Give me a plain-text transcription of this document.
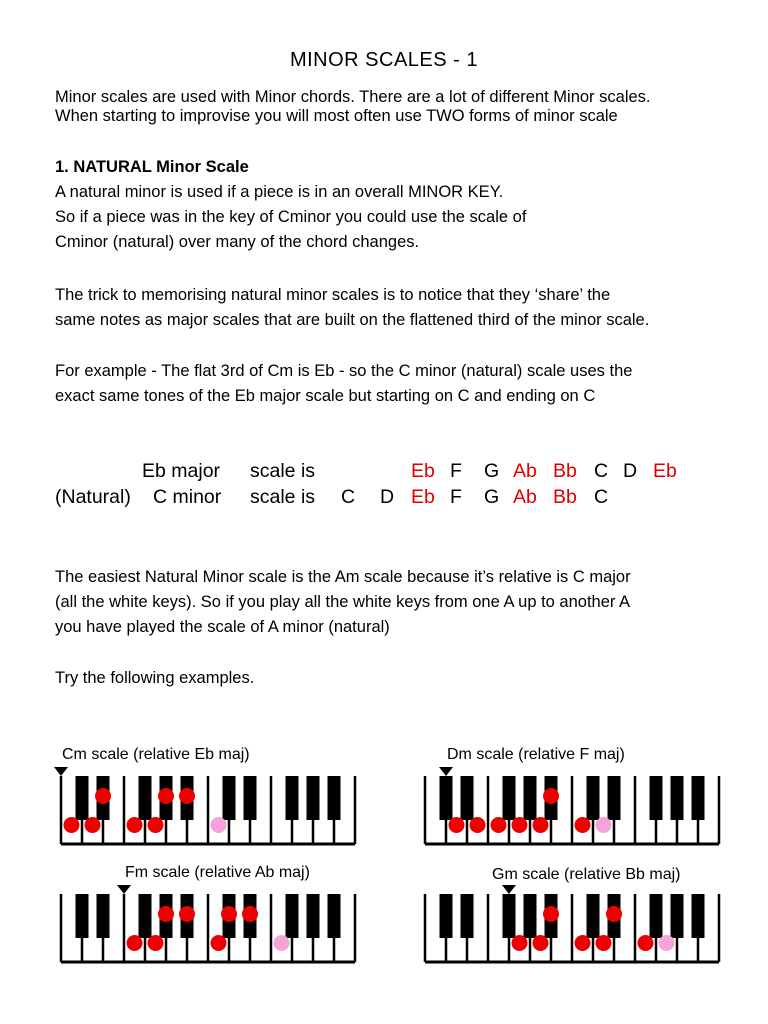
MINOR SCALES - 1
Minor scales are used with Minor chords. There are a lot of different Minor scales.
When starting to improvise you will most often use TWO forms of minor scale
1. NATURAL Minor Scale
A natural minor is used if a piece is in an overall MINOR KEY.
So if a piece was in the key of Cminor you could use the scale of
Cminor (natural) over many of the chord changes.
The trick to memorising natural minor scales is to notice that they ‘share’ the
same notes as major scales that are built on the flattened third of the minor scale.
For example - The flat 3rd of Cm is Eb - so the C minor (natural) scale uses the
exact same tones of the Eb major scale but starting on C and ending on C
Eb major scale is	Eb F G Ab Bb C D Eb
(Natural) C minor scale is C D Eb F G Ab Bb C
The easiest Natural Minor scale is the Am scale because it’s relative is C major
(all the white keys). So if you play all the white keys from one A up to another A
you have played the scale of A minor (natural)
Try the following examples.
Cm scale (relative Eb maj)	Dm scale (relative F maj)
Fm scale (relative Ab maj)	Gm scale (relative Bb maj)
